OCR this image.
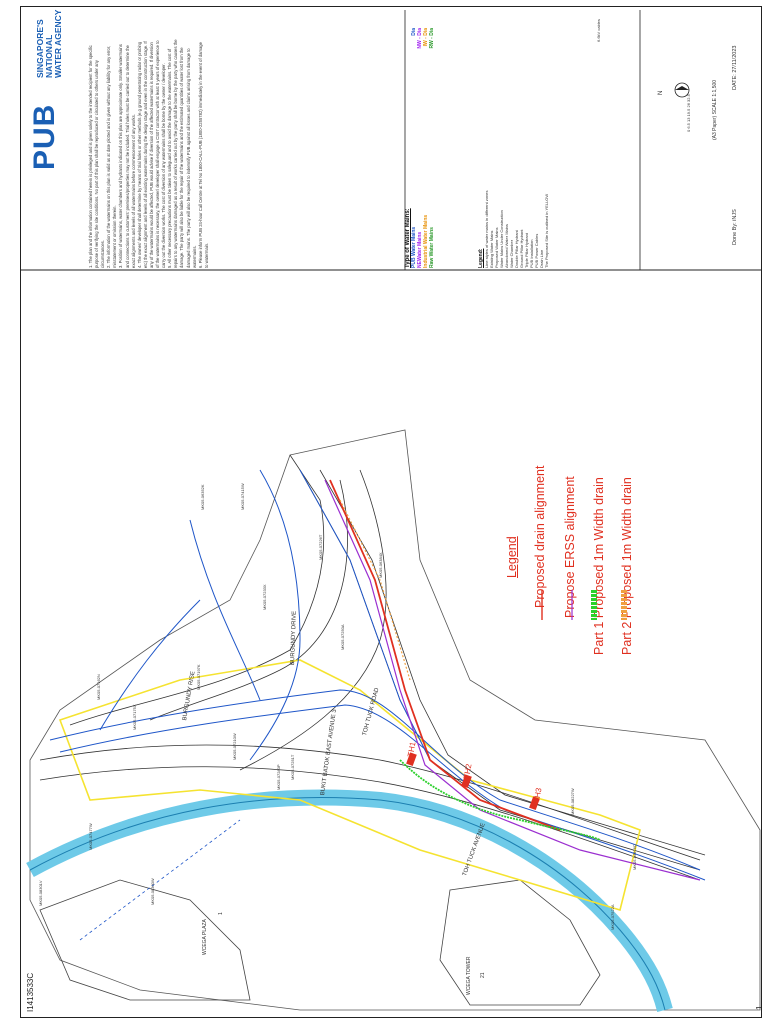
I1413533C	1
PUB
SINGAPORE'S NATIONAL WATER AGENCY
1. The plan and the information contained herein is privileged and is given solely to the intended recipient for the specific purpose of verifying the site conditions. No part of this plan shall be reproduced or circulated to others under any circumstances. 2. The information of the watermains on this plan is valid as at date plotted and is given without any liability for any error, misstatement or omission therein. 3. Position of watermains, water chambers and hydrants indicated on this plan are approximate only. Smaller watermains and connections to customers' premises/properties may not be included. Trial holes must be carried out to determine the exact alignments and levels of all watermains before commencement of any works. 4. The owner/ developer shall determine by means of trial holes or other methods (e.g ground penetrating radar or probing etc) the exact alignment and levels of all existing watermains during the design stage and even in the construction stage. If any of the watermains would be affected, PUB would advise if diversion of the affected watermains is required. If diversion of the watermains is necessary, the owner/ developer shall engage a CS07 contractor with at least 5 years of experience to carry out the diversion works. The cost of diversion of any watermains shall be borne by the owner / developer. 5. All other necessary precautions must be taken to safeguard and to avoid the damage to the watermains. The cost of repairs to any watermains damaged as a result of works carried out by the party shall be borne by the party who causes the damage. The party will also be liable for the repair of the watermains and the estimated quantities of water lost from the damaged mains. The party will also be required to indemnify PUB against all losses and claims arising from damage to watermains. 6. Please inform PUB 24-hour Call Centre at Tel No 1800-CALL-PUB (1800-2255782) immediately in the event of damage to watermain.	Type of Water Mains: PUB Water Mains
Dia
NEWater Mains
NW - Dia
Industrial Water Mains
IW - Dia
Raw Water Mains
RW - Dia
Legend: Line styles of water mains in different zones Existing Water Mains Proposed Water Mains Water Mains Under Construction Abandoned Water Mains Water Chamber Double Pillar Hydrant Ground Pillar Hydrant Triple Pillar Hydrant PUB Installation PUB Power Cables Drain Line The Proposed Site is outlined in YELLOW
6.6kV cables
N
0 6.5 13 19.5 26 32.5	(A3 Paper) SCALE 1:1,500
Done By: iNJS
DATE: 27/11/2023
Legend Proposed drain alignment Propose ERSS alignment Part 1 Proposed 1m Width drain Part 2 Proposed 1m Width drain
BUKIT BATOK EAST AVENUE 3
TOH TUCK AVENUE
TOH TUCK ROAD
BURGUNDY DRIVE
BURGUNDY RISE
WCEGA PLAZA
1
WCEGA TOWER 21
TH1
TH2
TH3
MK05-08301V
MK05-07477W
MK05-08300W
MK05-08227W
MK05-06384X
MK05-07522A
MK05-04916C
MK05-06352K	MK05-07415W
MK05-07175X
MK05-07162N
MK05-07280P
MK05-07226T
MK05-07210W
MK05-07251T
MK05-07250A
MK05-07197K
MK05-07233X
